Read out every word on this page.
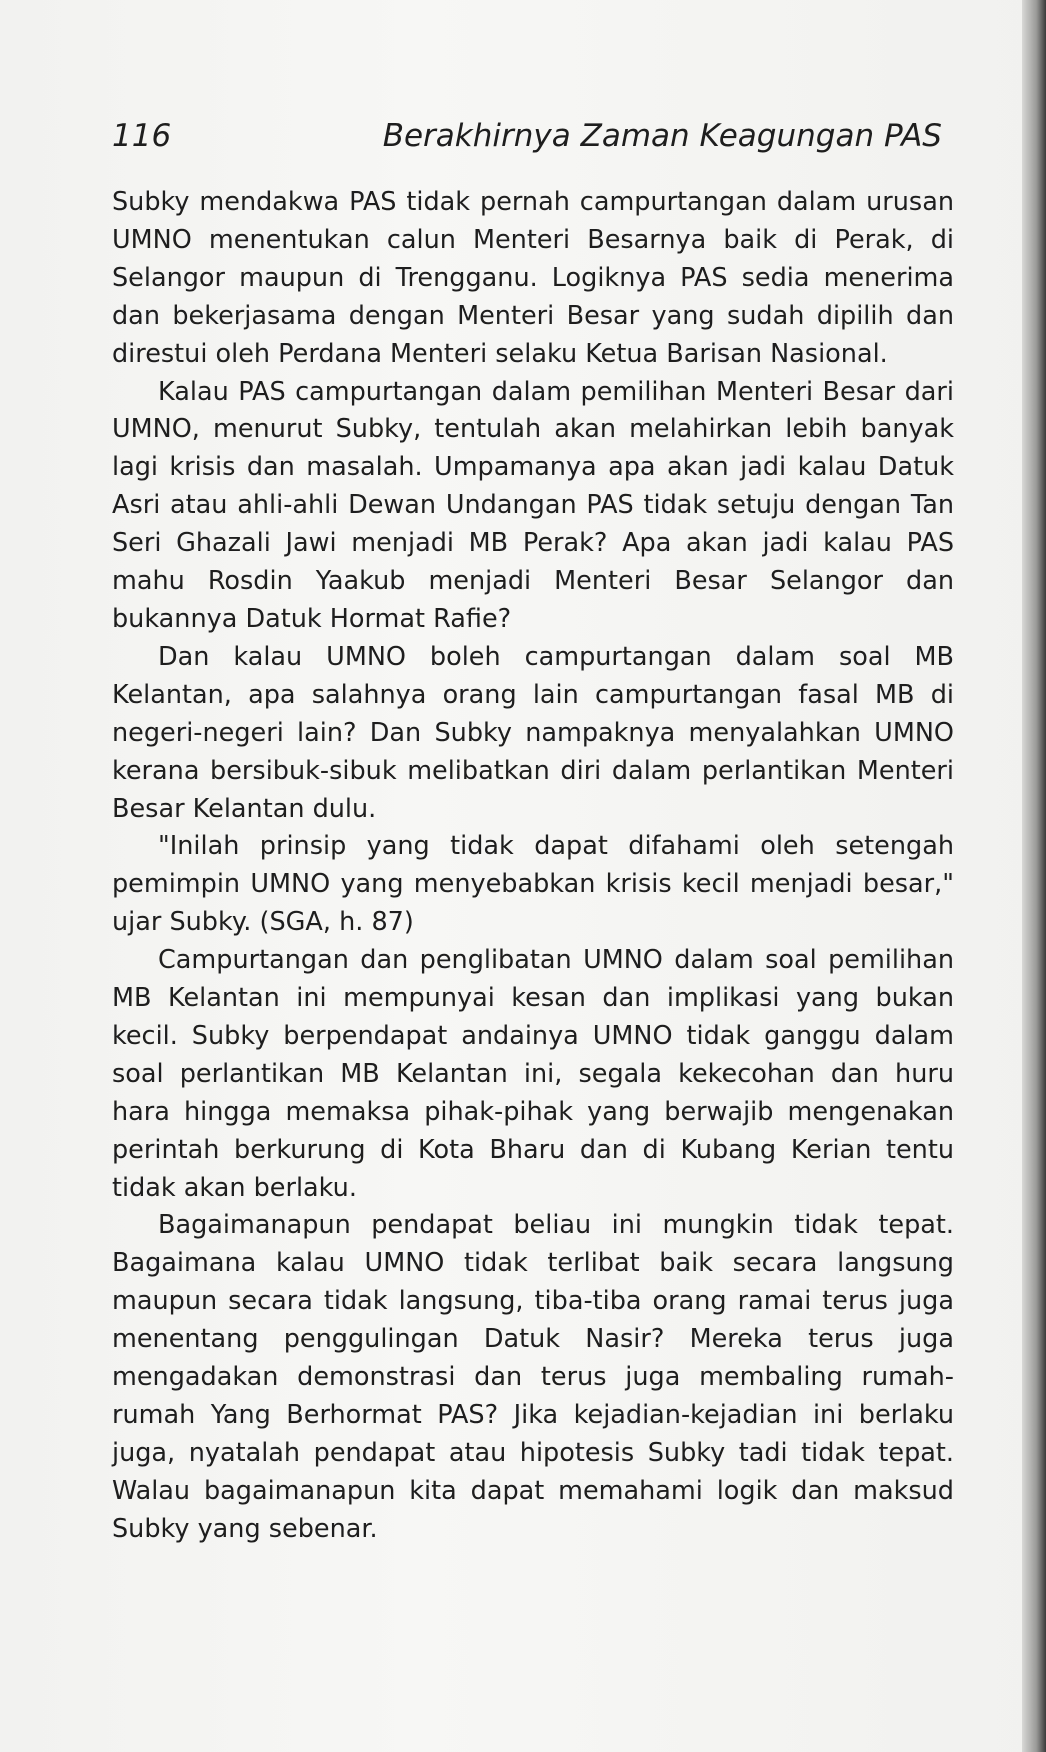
116	Berakhirnya Zaman Keagungan PAS

Subky mendakwa PAS tidak pernah campurtangan dalam urusan UMNO menentukan calun Menteri Besarnya baik di Perak, di Selangor maupun di Trengganu. Logiknya PAS sedia menerima dan bekerjasama dengan Menteri Besar yang sudah dipilih dan direstui oleh Perdana Menteri selaku Ketua Barisan Nasional.

Kalau PAS campurtangan dalam pemilihan Menteri Besar dari UMNO, menurut Subky, tentulah akan melahirkan lebih banyak lagi krisis dan masalah. Umpamanya apa akan jadi kalau Datuk Asri atau ahli-ahli Dewan Undangan PAS tidak setuju dengan Tan Seri Ghazali Jawi menjadi MB Perak? Apa akan jadi kalau PAS mahu Rosdin Yaakub menjadi Menteri Besar Selangor dan bukannya Datuk Hormat Rafie?

Dan kalau UMNO boleh campurtangan dalam soal MB Kelantan, apa salahnya orang lain campurtangan fasal MB di negeri-negeri lain? Dan Subky nampaknya menyalahkan UMNO kerana bersibuk-sibuk melibatkan diri dalam perlantikan Menteri Besar Kelantan dulu.

"Inilah prinsip yang tidak dapat difahami oleh setengah pemimpin UMNO yang menyebabkan krisis kecil menjadi besar," ujar Subky. (SGA, h. 87)

Campurtangan dan penglibatan UMNO dalam soal pemilihan MB Kelantan ini mempunyai kesan dan implikasi yang bukan kecil. Subky berpendapat andainya UMNO tidak ganggu dalam soal perlantikan MB Kelantan ini, segala kekecohan dan huru hara hingga memaksa pihak-pihak yang berwajib mengenakan perintah berkurung di Kota Bharu dan di Kubang Kerian tentu tidak akan berlaku.

Bagaimanapun pendapat beliau ini mungkin tidak tepat. Bagaimana kalau UMNO tidak terlibat baik secara langsung maupun secara tidak langsung, tiba-tiba orang ramai terus juga menentang penggulingan Datuk Nasir? Mereka terus juga mengadakan demonstrasi dan terus juga membaling rumah-rumah Yang Berhormat PAS? Jika kejadian-kejadian ini berlaku juga, nyatalah pendapat atau hipotesis Subky tadi tidak tepat. Walau bagaimanapun kita dapat memahami logik dan maksud Subky yang sebenar.
